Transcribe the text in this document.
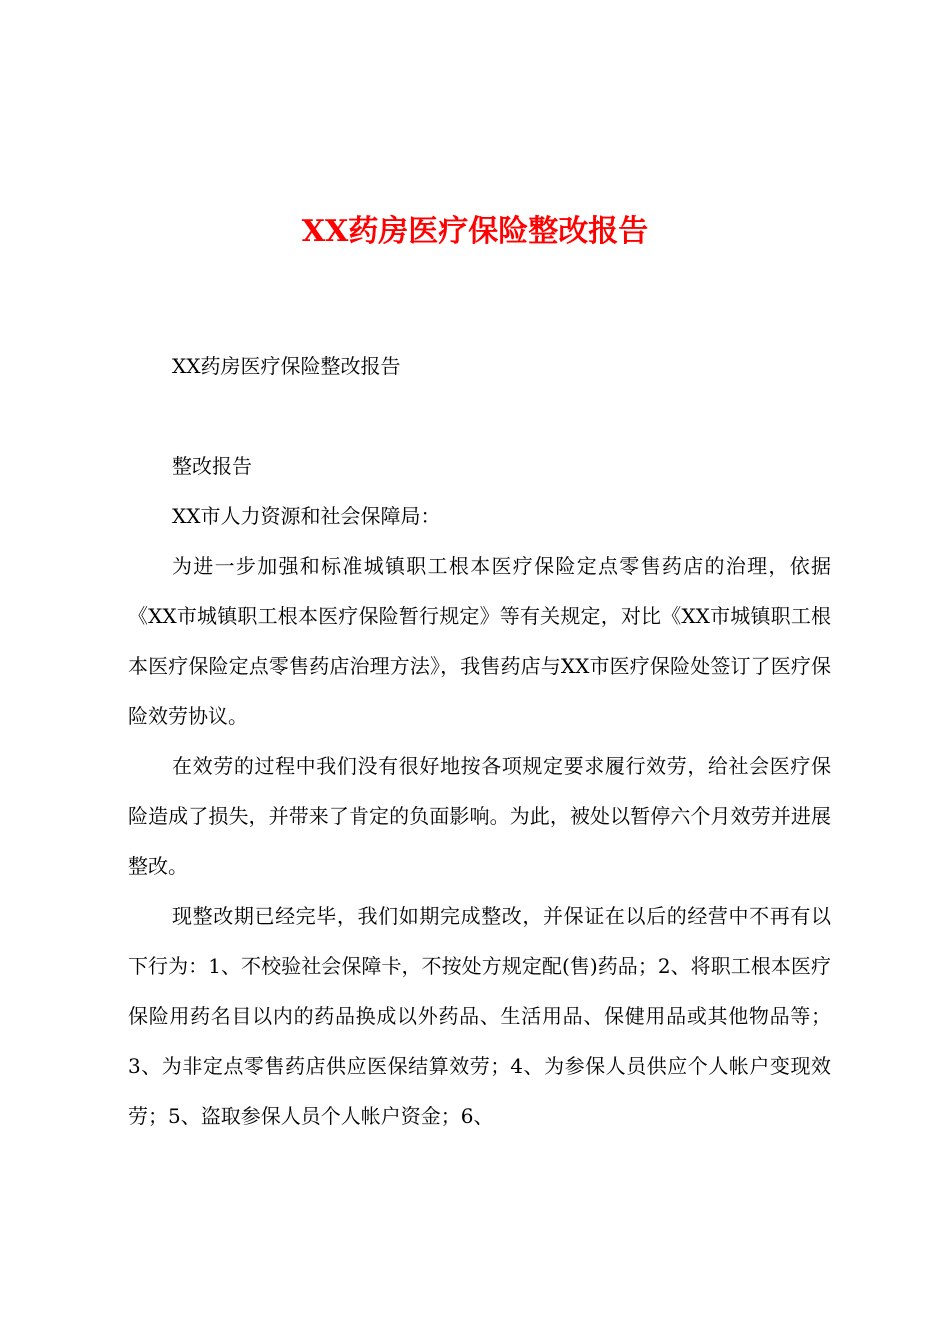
XX药房医疗保险整改报告

XX药房医疗保险整改报告

整改报告

XX市人力资源和社会保障局：

为进一步加强和标准城镇职工根本医疗保险定点零售药店的治理，依据《XX市城镇职工根本医疗保险暂行规定》等有关规定，对比《XX市城镇职工根本医疗保险定点零售药店治理方法》，我售药店与XX市医疗保险处签订了医疗保险效劳协议。

在效劳的过程中我们没有很好地按各项规定要求履行效劳，给社会医疗保险造成了损失，并带来了肯定的负面影响。为此，被处以暂停六个月效劳并进展整改。

现整改期已经完毕，我们如期完成整改，并保证在以后的经营中不再有以下行为：1、不校验社会保障卡，不按处方规定配(售)药品；2、将职工根本医疗保险用药名目以内的药品换成以外药品、生活用品、保健用品或其他物品等；3、为非定点零售药店供应医保结算效劳；4、为参保人员供应个人帐户变现效劳；5、盗取参保人员个人帐户资金；6、
